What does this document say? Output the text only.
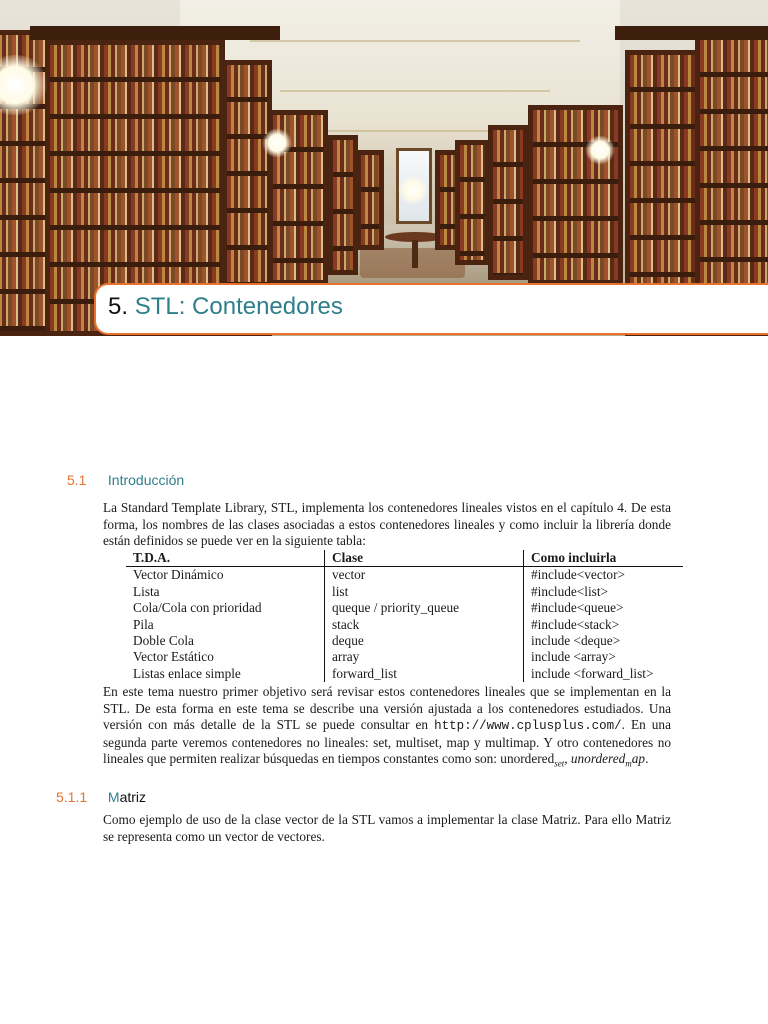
5. STL: Contenedores
5.1 Introducción
La Standard Template Library, STL, implementa los contenedores lineales vistos en el capítulo 4. De esta forma, los nombres de las clases asociadas a estos contenedores lineales y como incluir la librería donde están definidos se puede ver en la siguiente tabla:
T.D.A.	Clase	Como incluirla
Vector Dinámico	vector	#include<vector>
Lista	list	#include<list>
Cola/Cola con prioridad	queque / priority_queue	#include<queue>
Pila	stack	#include<stack>
Doble Cola	deque	include <deque>
Vector Estático	array	include <array>
Listas enlace simple	forward_list	include <forward_list>
En este tema nuestro primer objetivo será revisar estos contenedores lineales que se implementan en la STL. De esta forma en este tema se describe una versión ajustada a los contenedores estudiados. Una versión con más detalle de la STL se puede consultar en http://www.cplusplus.com/. En una segunda parte veremos contenedores no lineales: set, multiset, map y multimap. Y otro contenedores no lineales que permiten realizar búsquedas en tiempos constantes como son: unordered$_{set}$, unordered$_m$ap.
5.1.1 Matriz
Como ejemplo de uso de la clase vector de la STL vamos a implementar la clase Matriz. Para ello Matriz se representa como un vector de vectores.
